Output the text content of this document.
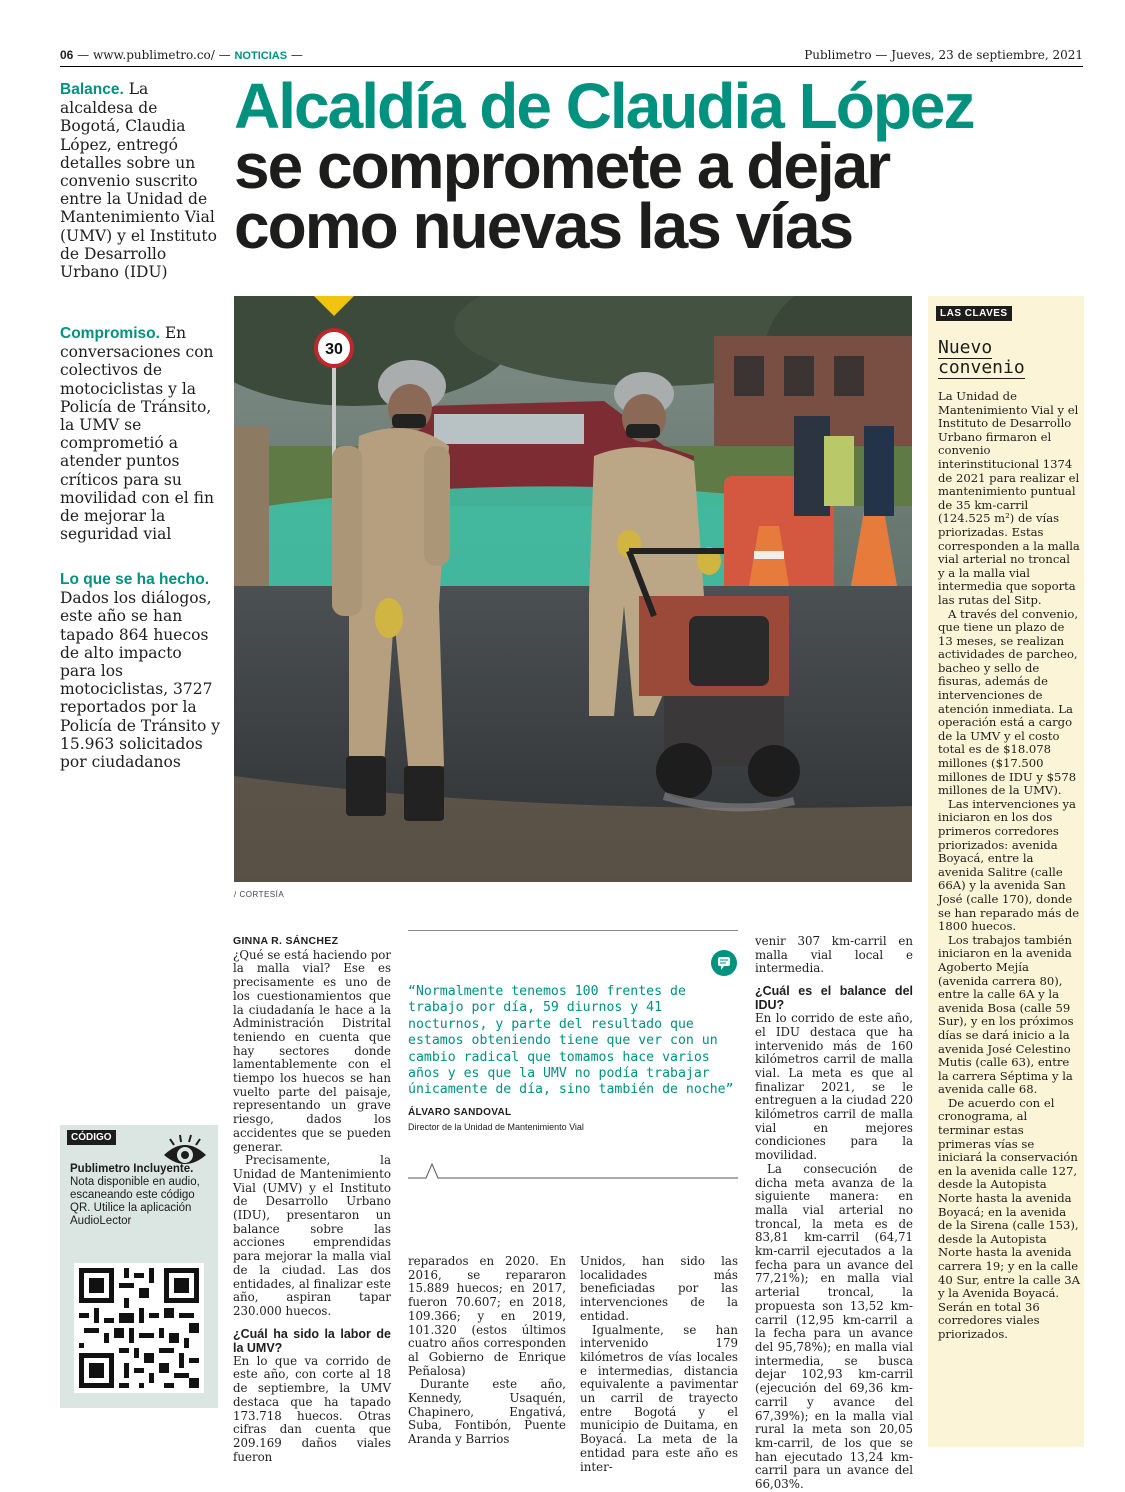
06 — www.publimetro.co/ — NOTICIAS —	Publimetro — Jueves, 23 de septiembre, 2021
Balance. La alcaldesa de Bogotá, Claudia López, entregó detalles sobre un convenio suscrito entre la Unidad de Mantenimiento Vial (UMV) y el Instituto de Desarrollo Urbano (IDU)
Compromiso. En conversaciones con colectivos de motociclistas y la Policía de Tránsito, la UMV se comprometió a atender puntos críticos para su movilidad con el fin de mejorar la seguridad vial
Lo que se ha hecho. Dados los diálogos, este año se han tapado 864 huecos de alto impacto para los motociclistas, 3727 reportados por la Policía de Tránsito y 15.963 solicitados por ciudadanos
Alcaldía de Claudia López
se compromete a dejar
como nuevas las vías
30
/ CORTESÍA
LAS CLAVES
Nuevo convenio

La Unidad de Mantenimiento Vial y el Instituto de Desarrollo Urbano firmaron el convenio interinstitucional 1374 de 2021 para realizar el mantenimiento puntual de 35 km-carril (124.525 m²) de vías priorizadas. Estas corresponden a la malla vial arterial no troncal y a la malla vial intermedia que soporta las rutas del Sitp.

A través del convenio, que tiene un plazo de 13 meses, se realizan actividades de parcheo, bacheo y sello de fisuras, además de intervenciones de atención inmediata. La operación está a cargo de la UMV y el costo total es de $18.078 millones ($17.500 millones de IDU y $578 millones de la UMV).

Las intervenciones ya iniciaron en los dos primeros corredores priorizados: avenida Boyacá, entre la avenida Salitre (calle 66A) y la avenida San José (calle 170), donde se han reparado más de 1800 huecos.

Los trabajos también iniciaron en la avenida Agoberto Mejía (avenida carrera 80), entre la calle 6A y la avenida Bosa (calle 59 Sur), y en los próximos días se dará inicio a la avenida José Celestino Mutis (calle 63), entre la carrera Séptima y la avenida calle 68.

De acuerdo con el cronograma, al terminar estas primeras vías se iniciará la conservación en la avenida calle 127, desde la Autopista Norte hasta la avenida Boyacá; en la avenida de la Sirena (calle 153), desde la Autopista Norte hasta la avenida carrera 19; y en la calle 40 Sur, entre la calle 3A y la Avenida Boyacá. Serán en total 36 corredores viales priorizados.

GINNA R. SÁNCHEZ

¿Qué se está haciendo por la malla vial? Ese es precisamente es uno de los cuestionamientos que la ciudadanía le hace a la Administración Distrital teniendo en cuenta que hay sectores donde lamentablemente con el tiempo los huecos se han vuelto parte del paisaje, representando un grave riesgo, dados los accidentes que se pueden generar.

Precisamente, la Unidad de Mantenimiento Vial (UMV) y el Instituto de Desarrollo Urbano (IDU), presentaron un balance sobre las acciones emprendidas para mejorar la malla vial de la ciudad. Las dos entidades, al finalizar este año, aspiran tapar 230.000 huecos.

¿Cuál ha sido la labor de la UMV?

En lo que va corrido de este año, con corte al 18 de septiembre, la UMV destaca que ha tapado 173.718 huecos. Otras cifras dan cuenta que 209.169 daños viales fueron

“Normalmente tenemos 100 frentes de trabajo por día, 59 diurnos y 41 nocturnos, y parte del resultado que estamos obteniendo tiene que ver con un cambio radical que tomamos hace varios años y es que la UMV no podía trabajar únicamente de día, sino también de noche”
ÁLVARO SANDOVAL
Director de la Unidad de Mantenimiento Vial

reparados en 2020. En 2016, se repararon 15.889 huecos; en 2017, fueron 70.607; en 2018, 109.366; y en 2019, 101.320 (estos últimos cuatro años corresponden al Gobierno de Enrique Peñalosa)

Durante este año, Kennedy, Usaquén, Chapinero, Engativá, Suba, Fontibón, Puente Aranda y Barrios

Unidos, han sido las localidades más beneficiadas por las intervenciones de la entidad.

Igualmente, se han intervenido 179 kilómetros de vías locales e intermedias, distancia equivalente a pavimentar un carril de trayecto entre Bogotá y el municipio de Duitama, en Boyacá. La meta de la entidad para este año es inter-

venir 307 km-carril en malla vial local e intermedia.

¿Cuál es el balance del IDU?

En lo corrido de este año, el IDU destaca que ha intervenido más de 160 kilómetros carril de malla vial. La meta es que al finalizar 2021, se le entreguen a la ciudad 220 kilómetros carril de malla vial en mejores condiciones para la movilidad.

La consecución de dicha meta avanza de la siguiente manera: en malla vial arterial no troncal, la meta es de 83,81 km-carril (64,71 km-carril ejecutados a la fecha para un avance del 77,21%); en malla vial arterial troncal, la propuesta son 13,52 km-carril (12,95 km-carril a la fecha para un avance del 95,78%); en malla vial intermedia, se busca dejar 102,93 km-carril (ejecución del 69,36 km-carril y avance del 67,39%); en la malla vial rural la meta son 20,05 km-carril, de los que se han ejecutado 13,24 km-carril para un avance del 66,03%.

CÓDIGO
Publimetro Incluyente. Nota disponible en audio, escaneando este código QR. Utilice la aplicación AudioLector
